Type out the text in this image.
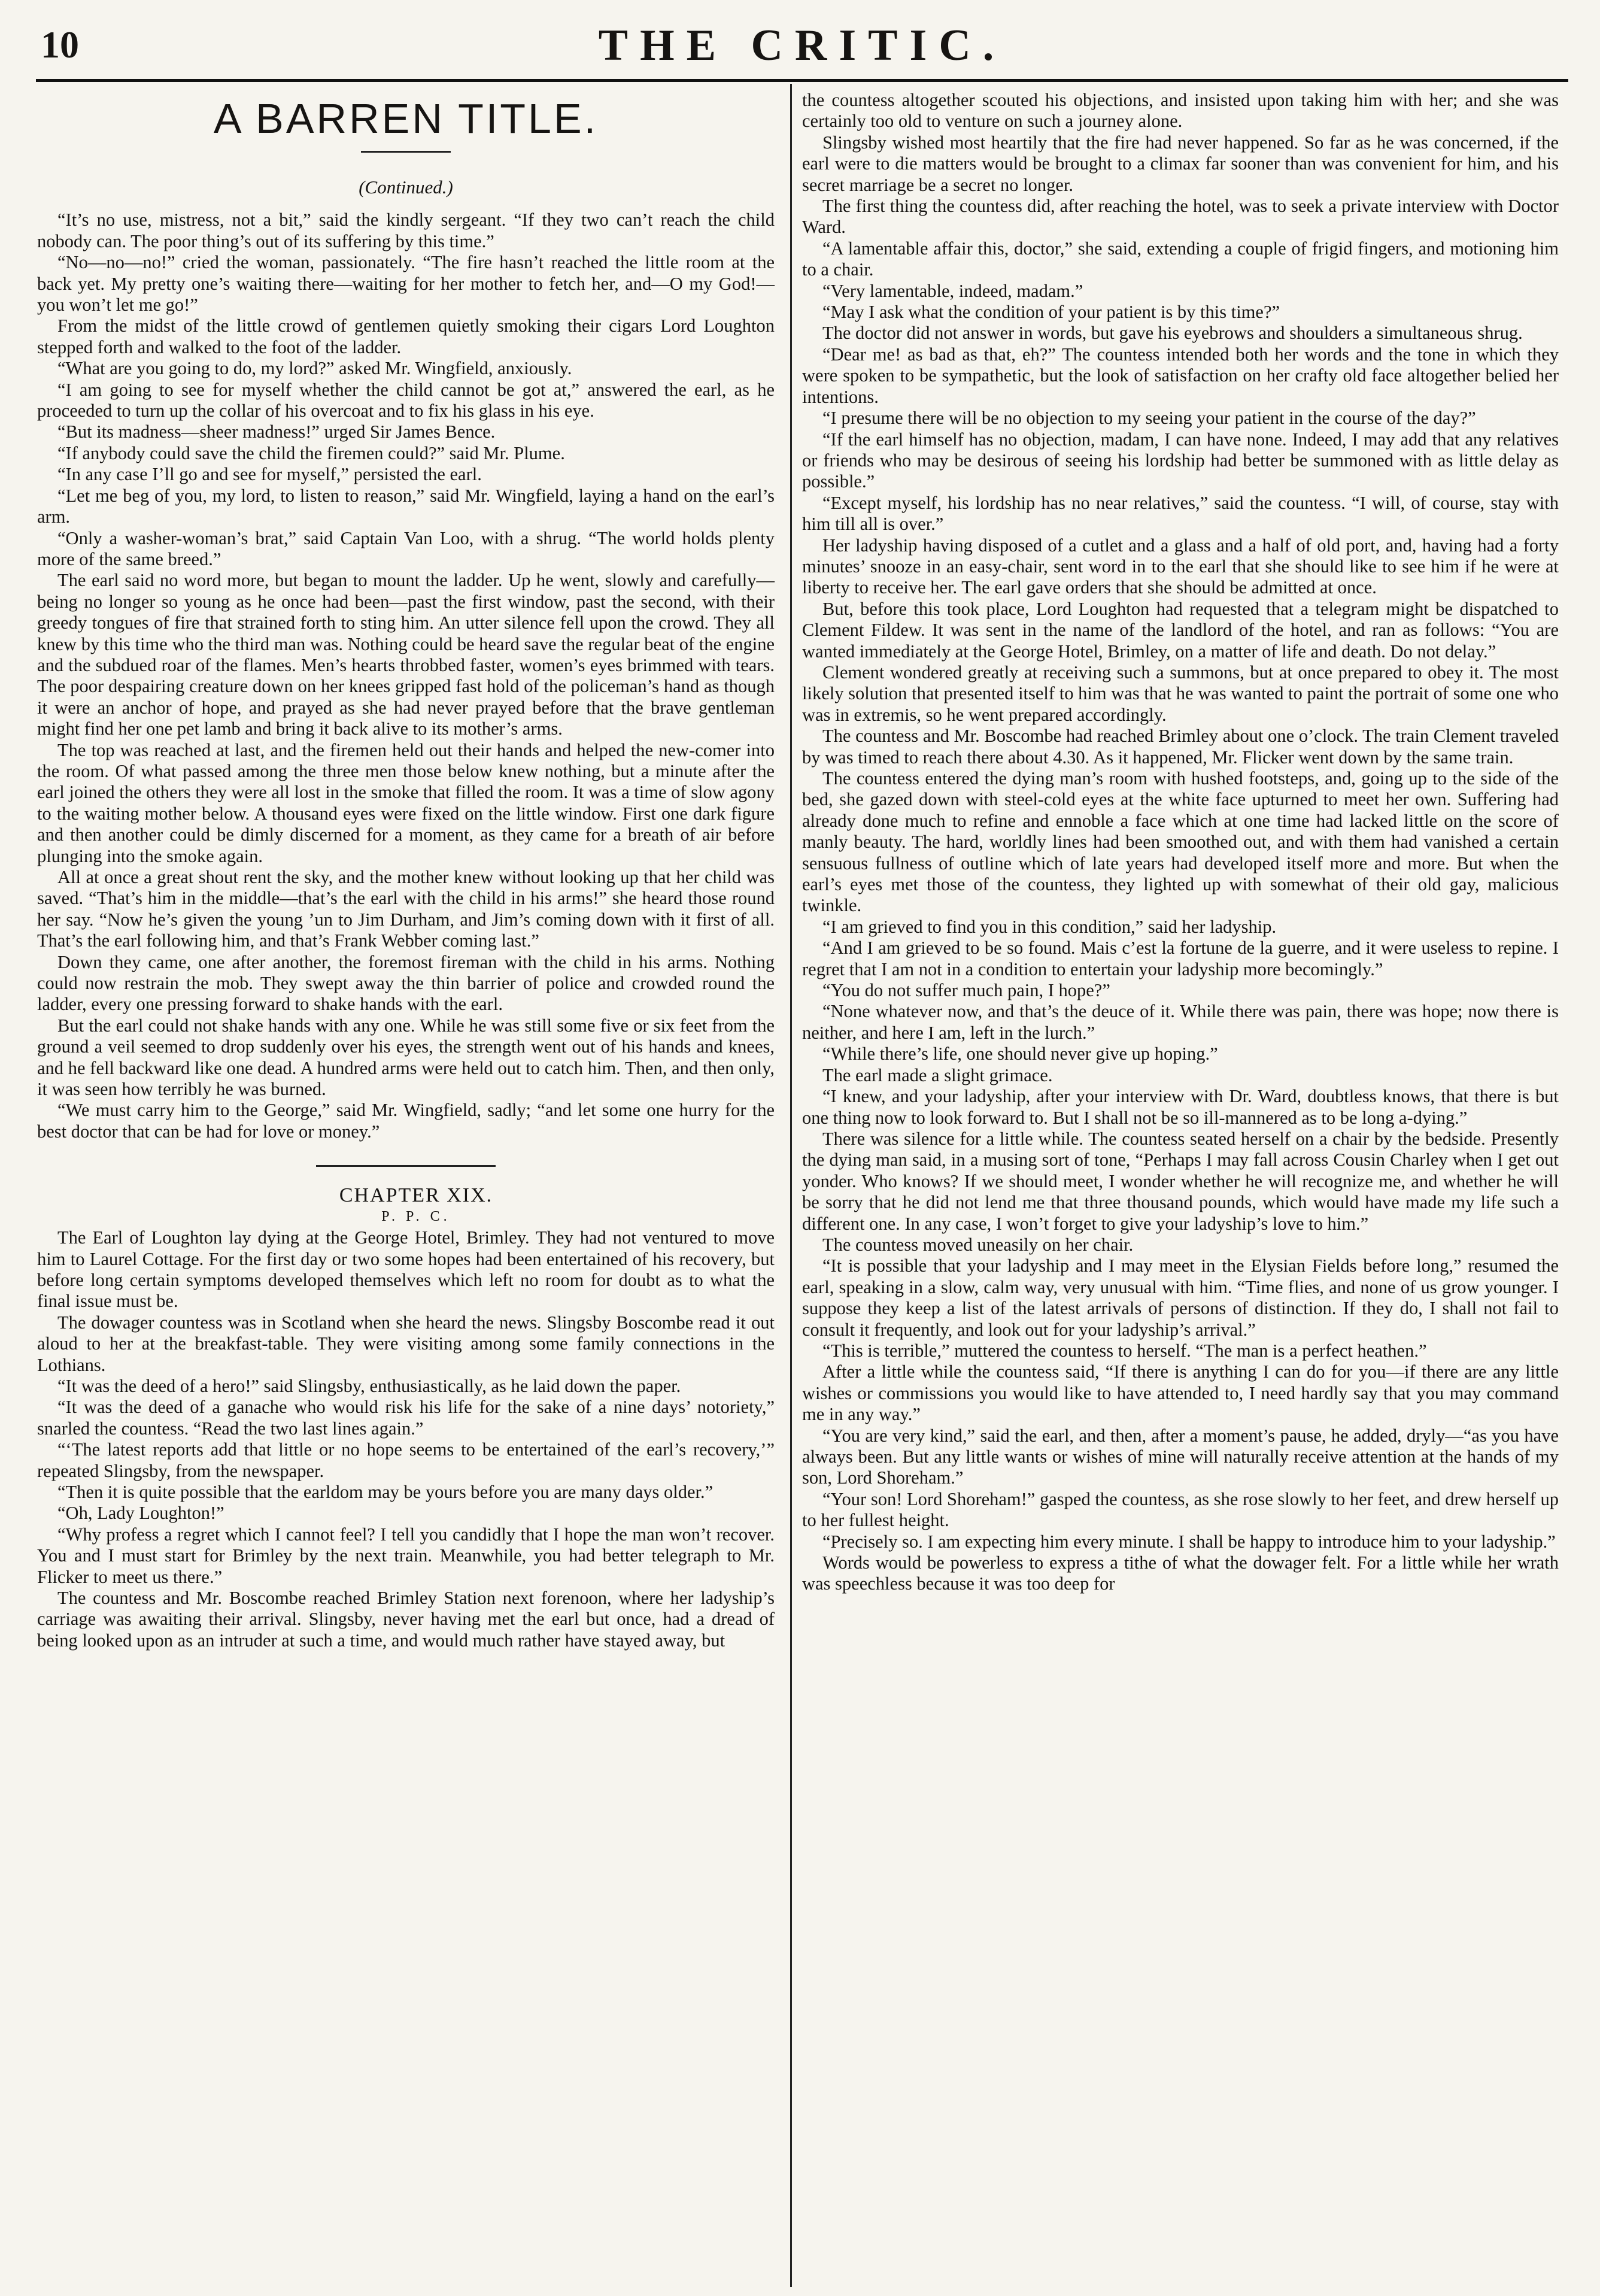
10	THE CRITIC.
A BARREN TITLE.
(Continued.)

“It’s no use, mistress, not a bit,” said the kindly sergeant. “If they two can’t reach the child nobody can. The poor thing’s out of its suffering by this time.”

“No—no—no!” cried the woman, passionately. “The fire hasn’t reached the little room at the back yet. My pretty one’s waiting there—waiting for her mother to fetch her, and—O my God!—you won’t let me go!”

From the midst of the little crowd of gentlemen quietly smoking their cigars Lord Loughton stepped forth and walked to the foot of the ladder.

“What are you going to do, my lord?” asked Mr. Wingfield, anxiously.

“I am going to see for myself whether the child cannot be got at,” answered the earl, as he proceeded to turn up the collar of his overcoat and to fix his glass in his eye.

“But its madness—sheer madness!” urged Sir James Bence.

“If anybody could save the child the firemen could?” said Mr. Plume.

“In any case I’ll go and see for myself,” persisted the earl.

“Let me beg of you, my lord, to listen to reason,” said Mr. Wingfield, laying a hand on the earl’s arm.

“Only a washer-woman’s brat,” said Captain Van Loo, with a shrug. “The world holds plenty more of the same breed.”

The earl said no word more, but began to mount the ladder. Up he went, slowly and carefully—being no longer so young as he once had been—past the first window, past the second, with their greedy tongues of fire that strained forth to sting him. An utter silence fell upon the crowd. They all knew by this time who the third man was. Nothing could be heard save the regular beat of the engine and the subdued roar of the flames. Men’s hearts throbbed faster, women’s eyes brimmed with tears. The poor despairing creature down on her knees gripped fast hold of the policeman’s hand as though it were an anchor of hope, and prayed as she had never prayed before that the brave gentleman might find her one pet lamb and bring it back alive to its mother’s arms.

The top was reached at last, and the firemen held out their hands and helped the new-comer into the room. Of what passed among the three men those below knew nothing, but a minute after the earl joined the others they were all lost in the smoke that filled the room. It was a time of slow agony to the waiting mother below. A thousand eyes were fixed on the little window. First one dark figure and then another could be dimly discerned for a moment, as they came for a breath of air before plunging into the smoke again.

All at once a great shout rent the sky, and the mother knew without looking up that her child was saved. “That’s him in the middle—that’s the earl with the child in his arms!” she heard those round her say. “Now he’s given the young ’un to Jim Durham, and Jim’s coming down with it first of all. That’s the earl following him, and that’s Frank Webber coming last.”

Down they came, one after another, the foremost fireman with the child in his arms. Nothing could now restrain the mob. They swept away the thin barrier of police and crowded round the ladder, every one pressing forward to shake hands with the earl.

But the earl could not shake hands with any one. While he was still some five or six feet from the ground a veil seemed to drop suddenly over his eyes, the strength went out of his hands and knees, and he fell backward like one dead. A hundred arms were held out to catch him. Then, and then only, it was seen how terribly he was burned.

“We must carry him to the George,” said Mr. Wingfield, sadly; “and let some one hurry for the best doctor that can be had for love or money.”

CHAPTER XIX.

P. P. C.

The Earl of Loughton lay dying at the George Hotel, Brimley. They had not ventured to move him to Laurel Cottage. For the first day or two some hopes had been entertained of his recovery, but before long certain symptoms developed themselves which left no room for doubt as to what the final issue must be.

The dowager countess was in Scotland when she heard the news. Slingsby Boscombe read it out aloud to her at the breakfast-table. They were visiting among some family connections in the Lothians.

“It was the deed of a hero!” said Slingsby, enthusiastically, as he laid down the paper.

“It was the deed of a ganache who would risk his life for the sake of a nine days’ notoriety,” snarled the countess. “Read the two last lines again.”

“‘The latest reports add that little or no hope seems to be entertained of the earl’s recovery,’” repeated Slingsby, from the newspaper.

“Then it is quite possible that the earldom may be yours before you are many days older.”

“Oh, Lady Loughton!”

“Why profess a regret which I cannot feel? I tell you candidly that I hope the man won’t recover. You and I must start for Brimley by the next train. Meanwhile, you had better telegraph to Mr. Flicker to meet us there.”

The countess and Mr. Boscombe reached Brimley Station next forenoon, where her ladyship’s carriage was awaiting their arrival. Slingsby, never having met the earl but once, had a dread of being looked upon as an intruder at such a time, and would much rather have stayed away, but

the countess altogether scouted his objections, and insisted upon taking him with her; and she was certainly too old to venture on such a journey alone.

Slingsby wished most heartily that the fire had never happened. So far as he was concerned, if the earl were to die matters would be brought to a climax far sooner than was convenient for him, and his secret marriage be a secret no longer.

The first thing the countess did, after reaching the hotel, was to seek a private interview with Doctor Ward.

“A lamentable affair this, doctor,” she said, extending a couple of frigid fingers, and motioning him to a chair.

“Very lamentable, indeed, madam.”

“May I ask what the condition of your patient is by this time?”

The doctor did not answer in words, but gave his eyebrows and shoulders a simultaneous shrug.

“Dear me! as bad as that, eh?” The countess intended both her words and the tone in which they were spoken to be sympathetic, but the look of satisfaction on her crafty old face altogether belied her intentions.

“I presume there will be no objection to my seeing your patient in the course of the day?”

“If the earl himself has no objection, madam, I can have none. Indeed, I may add that any relatives or friends who may be desirous of seeing his lordship had better be summoned with as little delay as possible.”

“Except myself, his lordship has no near relatives,” said the countess. “I will, of course, stay with him till all is over.”

Her ladyship having disposed of a cutlet and a glass and a half of old port, and, having had a forty minutes’ snooze in an easy-chair, sent word in to the earl that she should like to see him if he were at liberty to receive her. The earl gave orders that she should be admitted at once.

But, before this took place, Lord Loughton had requested that a telegram might be dispatched to Clement Fildew. It was sent in the name of the landlord of the hotel, and ran as follows: “You are wanted immediately at the George Hotel, Brimley, on a matter of life and death. Do not delay.”

Clement wondered greatly at receiving such a summons, but at once prepared to obey it. The most likely solution that presented itself to him was that he was wanted to paint the portrait of some one who was in extremis, so he went prepared accordingly.

The countess and Mr. Boscombe had reached Brimley about one o’clock. The train Clement traveled by was timed to reach there about 4.30. As it happened, Mr. Flicker went down by the same train.

The countess entered the dying man’s room with hushed footsteps, and, going up to the side of the bed, she gazed down with steel-cold eyes at the white face upturned to meet her own. Suffering had already done much to refine and ennoble a face which at one time had lacked little on the score of manly beauty. The hard, worldly lines had been smoothed out, and with them had vanished a certain sensuous fullness of outline which of late years had developed itself more and more. But when the earl’s eyes met those of the countess, they lighted up with somewhat of their old gay, malicious twinkle.

“I am grieved to find you in this condition,” said her ladyship.

“And I am grieved to be so found. Mais c’est la fortune de la guerre, and it were useless to repine. I regret that I am not in a condition to entertain your ladyship more becomingly.”

“You do not suffer much pain, I hope?”

“None whatever now, and that’s the deuce of it. While there was pain, there was hope; now there is neither, and here I am, left in the lurch.”

“While there’s life, one should never give up hoping.”

The earl made a slight grimace.

“I knew, and your ladyship, after your interview with Dr. Ward, doubtless knows, that there is but one thing now to look forward to. But I shall not be so ill-mannered as to be long a-dying.”

There was silence for a little while. The countess seated herself on a chair by the bedside. Presently the dying man said, in a musing sort of tone, “Perhaps I may fall across Cousin Charley when I get out yonder. Who knows? If we should meet, I wonder whether he will recognize me, and whether he will be sorry that he did not lend me that three thousand pounds, which would have made my life such a different one. In any case, I won’t forget to give your ladyship’s love to him.”

The countess moved uneasily on her chair.

“It is possible that your ladyship and I may meet in the Elysian Fields before long,” resumed the earl, speaking in a slow, calm way, very unusual with him. “Time flies, and none of us grow younger. I suppose they keep a list of the latest arrivals of persons of distinction. If they do, I shall not fail to consult it frequently, and look out for your ladyship’s arrival.”

“This is terrible,” muttered the countess to herself. “The man is a perfect heathen.”

After a little while the countess said, “If there is anything I can do for you—if there are any little wishes or commissions you would like to have attended to, I need hardly say that you may command me in any way.”

“You are very kind,” said the earl, and then, after a moment’s pause, he added, dryly—“as you have always been. But any little wants or wishes of mine will naturally receive attention at the hands of my son, Lord Shoreham.”

“Your son! Lord Shoreham!” gasped the countess, as she rose slowly to her feet, and drew herself up to her fullest height.

“Precisely so. I am expecting him every minute. I shall be happy to introduce him to your ladyship.”

Words would be powerless to express a tithe of what the dowager felt. For a little while her wrath was speechless because it was too deep for
